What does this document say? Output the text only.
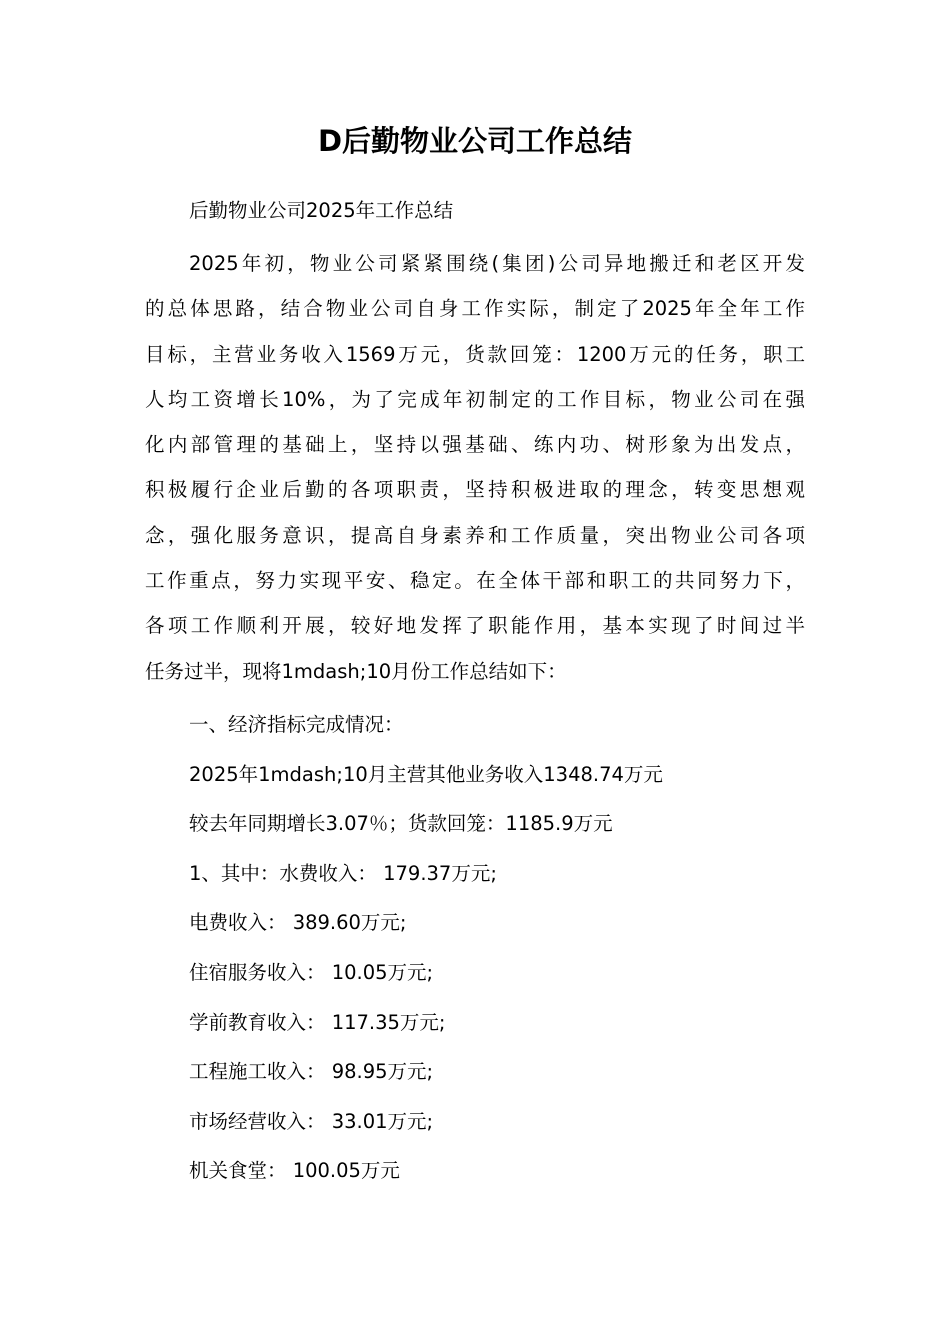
D后勤物业公司工作总结

后勤物业公司2025年工作总结

2025年初，物业公司紧紧围绕(集团)公司异地搬迁和老区开发
的总体思路，结合物业公司自身工作实际，制定了2025年全年工作
目标，主营业务收入1569万元，货款回笼：1200万元的任务，职工
人均工资增长10%，为了完成年初制定的工作目标，物业公司在强
化内部管理的基础上，坚持以强基础、练内功、树形象为出发点，
积极履行企业后勤的各项职责，坚持积极进取的理念，转变思想观
念，强化服务意识，提高自身素养和工作质量，突出物业公司各项
工作重点，努力实现平安、稳定。在全体干部和职工的共同努力下，
各项工作顺利开展，较好地发挥了职能作用，基本实现了时间过半
任务过半，现将1mdash;10月份工作总结如下：

一、经济指标完成情况：
2025年1mdash;10月主营其他业务收入1348.74万元
较去年同期增长3.07％；货款回笼：1185.9万元
1、其中：水费收入： 179.37万元;
电费收入： 389.60万元;
住宿服务收入： 10.05万元;
学前教育收入： 117.35万元;
工程施工收入： 98.95万元;
市场经营收入： 33.01万元;
机关食堂： 100.05万元
